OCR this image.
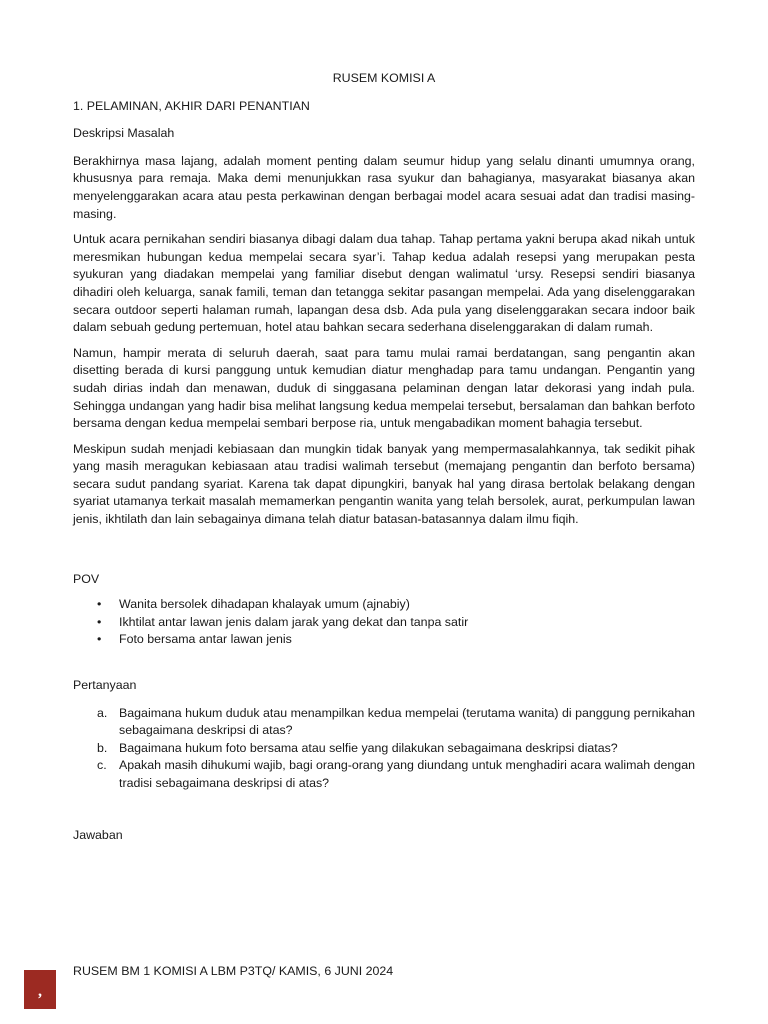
RUSEM KOMISI A
1. PELAMINAN, AKHIR DARI PENANTIAN
Deskripsi Masalah

Berakhirnya masa lajang, adalah moment penting dalam seumur hidup yang selalu dinanti umumnya orang, khususnya para remaja. Maka demi menunjukkan rasa syukur dan bahagianya, masyarakat biasanya akan menyelenggarakan acara atau pesta perkawinan dengan berbagai model acara sesuai adat dan tradisi masing-masing.

Untuk acara pernikahan sendiri biasanya dibagi dalam dua tahap. Tahap pertama yakni berupa akad nikah untuk meresmikan hubungan kedua mempelai secara syar’i. Tahap kedua adalah resepsi yang merupakan pesta syukuran yang diadakan mempelai yang familiar disebut dengan walimatul ‘ursy. Resepsi sendiri biasanya dihadiri oleh keluarga, sanak famili, teman dan tetangga sekitar pasangan mempelai. Ada yang diselenggarakan secara outdoor seperti halaman rumah, lapangan desa dsb. Ada pula yang diselenggarakan secara indoor baik dalam sebuah gedung pertemuan, hotel atau bahkan secara sederhana diselenggarakan di dalam rumah.

Namun, hampir merata di seluruh daerah, saat para tamu mulai ramai berdatangan, sang pengantin akan disetting berada di kursi panggung untuk kemudian diatur menghadap para tamu undangan. Pengantin yang sudah dirias indah dan menawan, duduk di singgasana pelaminan dengan latar dekorasi yang indah pula. Sehingga undangan yang hadir bisa melihat langsung kedua mempelai tersebut, bersalaman dan bahkan berfoto bersama dengan kedua mempelai sembari berpose ria, untuk mengabadikan moment bahagia tersebut.

Meskipun sudah menjadi kebiasaan dan mungkin tidak banyak yang mempermasalahkannya, tak sedikit pihak yang masih meragukan kebiasaan atau tradisi walimah tersebut (memajang pengantin dan berfoto bersama) secara sudut pandang syariat. Karena tak dapat dipungkiri, banyak hal yang dirasa bertolak belakang dengan syariat utamanya terkait masalah memamerkan pengantin wanita yang telah bersolek, aurat, perkumpulan lawan jenis, ikhtilath dan lain sebagainya dimana telah diatur batasan-batasannya dalam ilmu fiqih.

POV
• Wanita bersolek dihadapan khalayak umum (ajnabiy)
• Ikhtilat antar lawan jenis dalam jarak yang dekat dan tanpa satir
• Foto bersama antar lawan jenis
Pertanyaan
a. Bagaimana hukum duduk atau menampilkan kedua mempelai (terutama wanita) di panggung pernikahan sebagaimana deskripsi di atas?
b. Bagaimana hukum foto bersama atau selfie yang dilakukan sebagaimana deskripsi diatas?
c. Apakah masih dihukumi wajib, bagi orang-orang yang diundang untuk menghadiri acara walimah dengan tradisi sebagaimana deskripsi di atas?
Jawaban
,
RUSEM BM 1 KOMISI A LBM P3TQ/ KAMIS, 6 JUNI 2024
